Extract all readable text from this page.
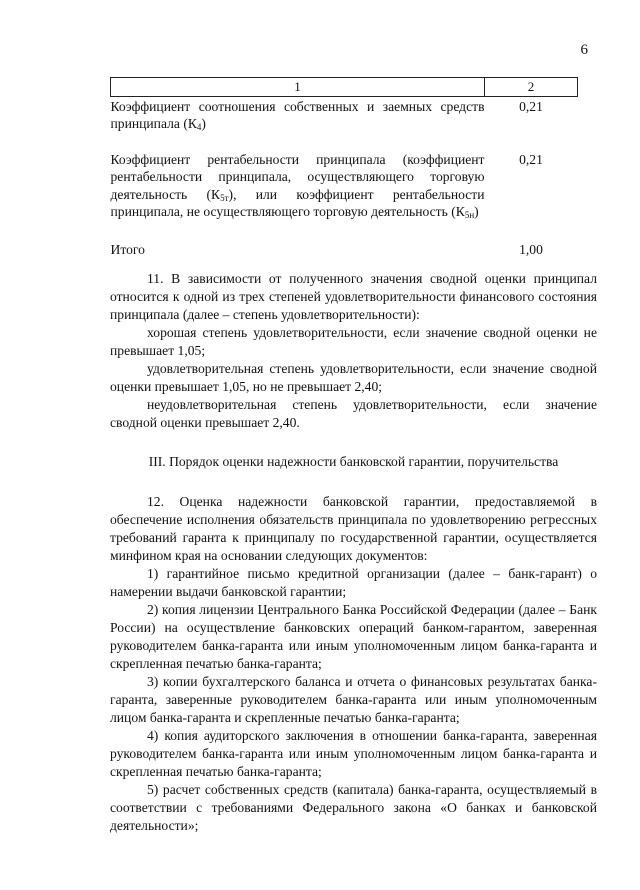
6
1	2
Коэффициент соотношения собственных и заемных средств принципала $(К_4)$	0,21
Коэффициент рентабельности принципала (коэффициент рентабельности принципала, осуществляющего торговую деятельность $(К_{5т})$, или коэффициент рентабельности принципала, не осуществляющего торговую деятельность $(К_{5н})$	0,21
Итого	1,00

11. В зависимости от полученного значения сводной оценки принципал относится к одной из трех степеней удовлетворительности финансового состояния принципала (далее – степень удовлетворительности):

хорошая степень удовлетворительности, если значение сводной оценки не превышает 1,05;

удовлетворительная степень удовлетворительности, если значение сводной оценки превышает 1,05, но не превышает 2,40;

неудовлетворительная степень удовлетворительности, если значение сводной оценки превышает 2,40.

III. Порядок оценки надежности банковской гарантии, поручительства

12. Оценка надежности банковской гарантии, предоставляемой в обеспечение исполнения обязательств принципала по удовлетворению регрессных требований гаранта к принципалу по государственной гарантии, осуществляется минфином края на основании следующих документов:

1) гарантийное письмо кредитной организации (далее – банк-гарант) о намерении выдачи банковской гарантии;

2) копия лицензии Центрального Банка Российской Федерации (далее – Банк России) на осуществление банковских операций банком-гарантом, заверенная руководителем банка-гаранта или иным уполномоченным лицом банка-гаранта и скрепленная печатью банка-гаранта;

3) копии бухгалтерского баланса и отчета о финансовых результатах банка-гаранта, заверенные руководителем банка-гаранта или иным уполномоченным лицом банка-гаранта и скрепленные печатью банка-гаранта;

4) копия аудиторского заключения в отношении банка-гаранта, заверенная руководителем банка-гаранта или иным уполномоченным лицом банка-гаранта и скрепленная печатью банка-гаранта;

5) расчет собственных средств (капитала) банка-гаранта, осуществляемый в соответствии с требованиями Федерального закона «О банках и банковской деятельности»;
